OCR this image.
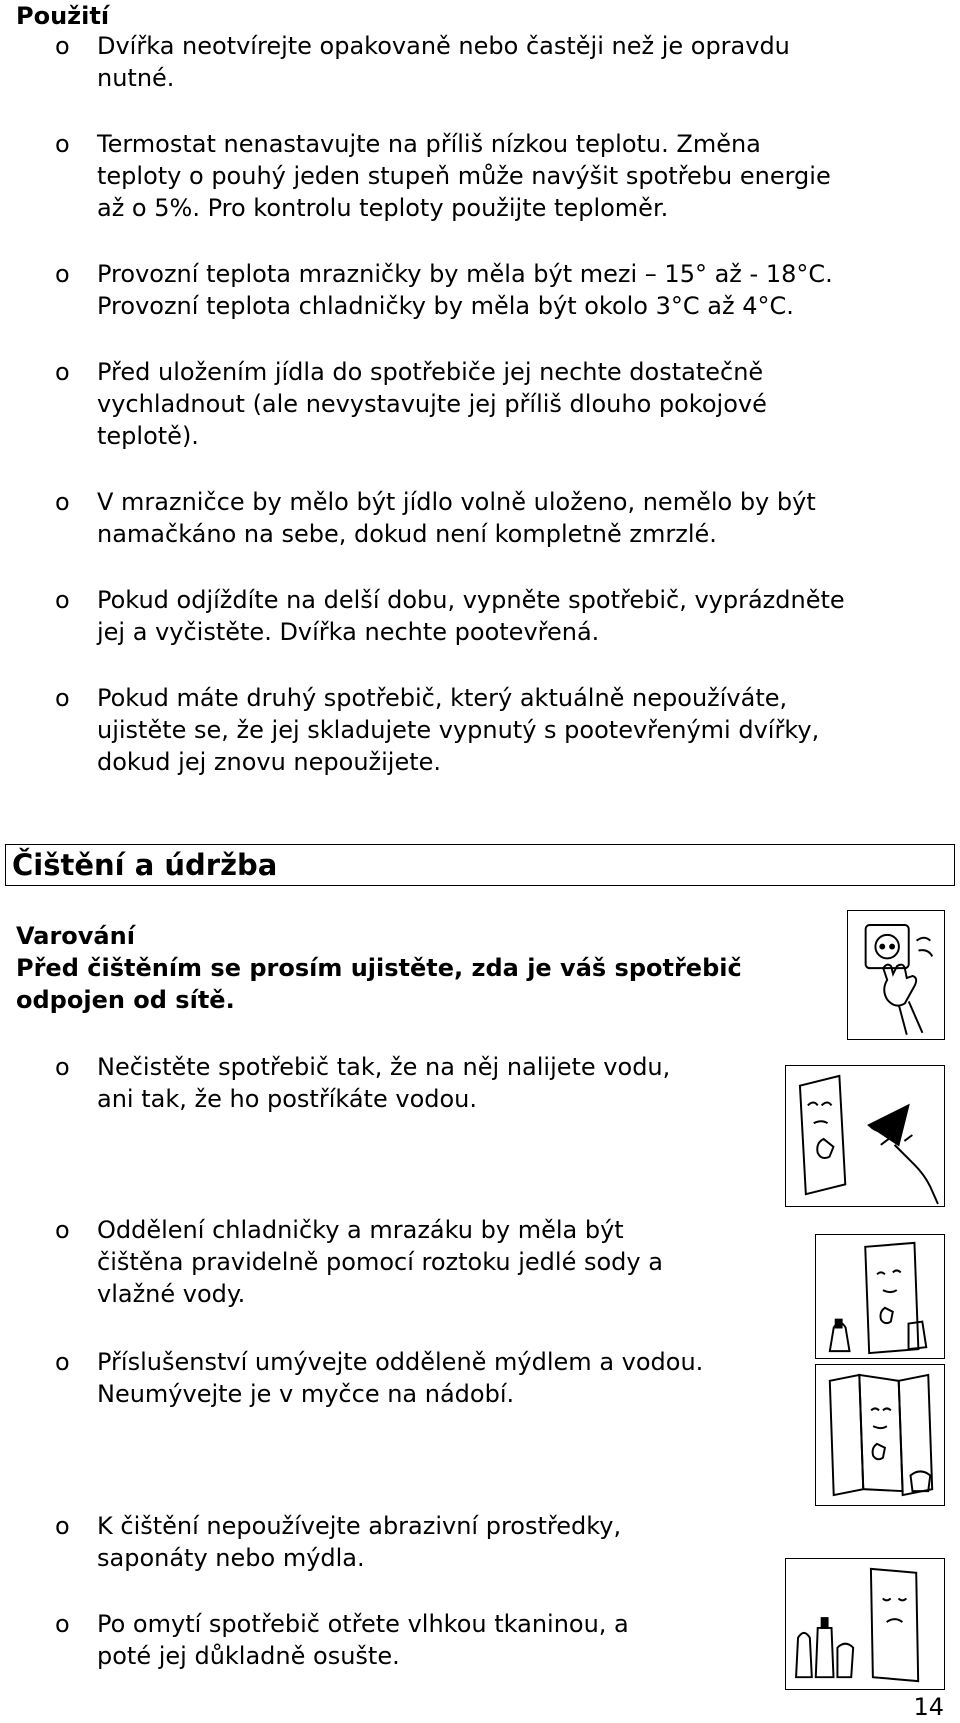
Použití
o Dvířka neotvírejte opakovaně nebo častěji než je opravdu
nutné.
o Termostat nenastavujte na příliš nízkou teplotu. Změna
teploty o pouhý jeden stupeň může navýšit spotřebu energie
až o 5%. Pro kontrolu teploty použijte teploměr.
o Provozní teplota mrazničky by měla být mezi – 15° až - 18°C.
Provozní teplota chladničky by měla být okolo 3°C až 4°C.
o Před uložením jídla do spotřebiče jej nechte dostatečně
vychladnout (ale nevystavujte jej příliš dlouho pokojové
teplotě).
o V mrazničce by mělo být jídlo volně uloženo, nemělo by být
namačkáno na sebe, dokud není kompletně zmrzlé.
o Pokud odjíždíte na delší dobu, vypněte spotřebič, vyprázdněte
jej a vyčistěte. Dvířka nechte pootevřená.
o Pokud máte druhý spotřebič, který aktuálně nepoužíváte,
ujistěte se, že jej skladujete vypnutý s pootevřenými dvířky,
dokud jej znovu nepoužijete.
Čištění a údržba
Varování
Před čištěním se prosím ujistěte, zda je váš spotřebič
odpojen od sítě.
o Nečistěte spotřebič tak, že na něj nalijete vodu,
ani tak, že ho postříkáte vodou.
o Oddělení chladničky a mrazáku by měla být
čištěna pravidelně pomocí roztoku jedlé sody a
vlažné vody.
o Příslušenství umývejte odděleně mýdlem a vodou.
Neumývejte je v myčce na nádobí.
o K čištění nepoužívejte abrazivní prostředky,
saponáty nebo mýdla.
o Po omytí spotřebič otřete vlhkou tkaninou, a
poté jej důkladně osušte.
14
